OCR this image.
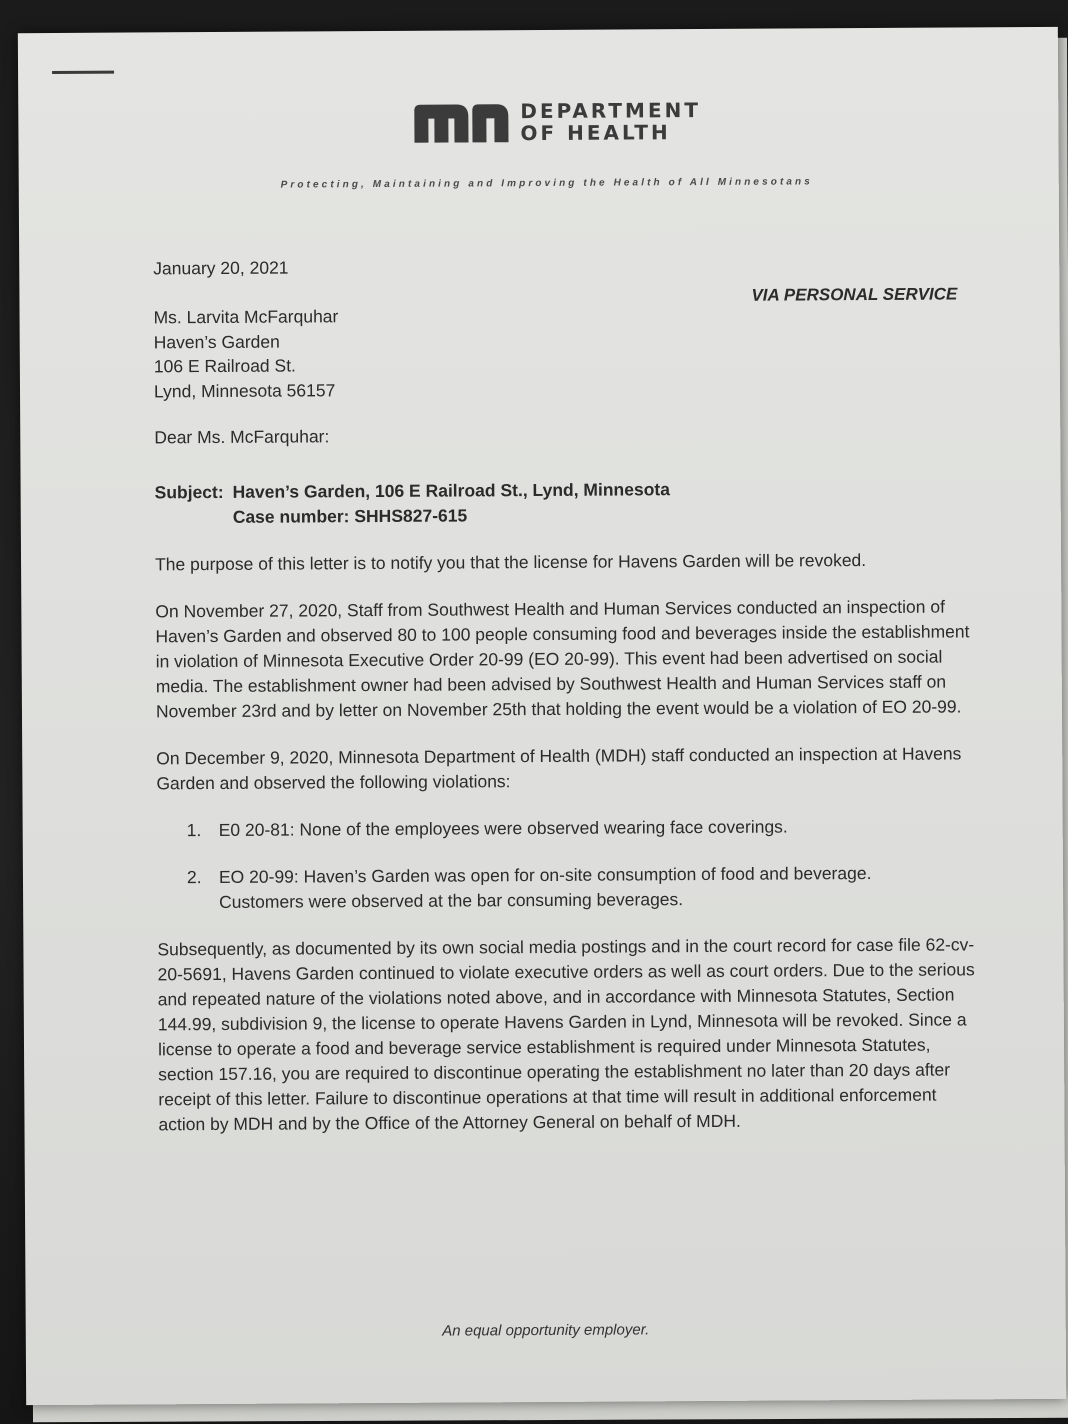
DEPARTMENT
OF HEALTH
Protecting, Maintaining and Improving the Health of All Minnesotans
January 20, 2021
VIA PERSONAL SERVICE
Ms. Larvita McFarquhar
Haven’s Garden
106 E Railroad St.
Lynd, Minnesota 56157
Dear Ms. McFarquhar:
Subject: Haven’s Garden, 106 E Railroad St., Lynd, Minnesota
Case number: SHHS827-615
The purpose of this letter is to notify you that the license for Havens Garden will be revoked.
On November 27, 2020, Staff from Southwest Health and Human Services conducted an inspection of Haven’s Garden and observed 80 to 100 people consuming food and beverages inside the establishment in violation of Minnesota Executive Order 20-99 (EO 20-99). This event had been advertised on social media. The establishment owner had been advised by Southwest Health and Human Services staff on November 23rd and by letter on November 25th that holding the event would be a violation of EO 20-99.
On December 9, 2020, Minnesota Department of Health (MDH) staff conducted an inspection at Havens Garden and observed the following violations:
1. E0 20-81: None of the employees were observed wearing face coverings.
2. EO 20-99: Haven’s Garden was open for on-site consumption of food and beverage. Customers were observed at the bar consuming beverages.
Subsequently, as documented by its own social media postings and in the court record for case file 62-cv-20-5691, Havens Garden continued to violate executive orders as well as court orders. Due to the serious and repeated nature of the violations noted above, and in accordance with Minnesota Statutes, Section 144.99, subdivision 9, the license to operate Havens Garden in Lynd, Minnesota will be revoked. Since a license to operate a food and beverage service establishment is required under Minnesota Statutes, section 157.16, you are required to discontinue operating the establishment no later than 20 days after receipt of this letter. Failure to discontinue operations at that time will result in additional enforcement action by MDH and by the Office of the Attorney General on behalf of MDH.
An equal opportunity employer.
